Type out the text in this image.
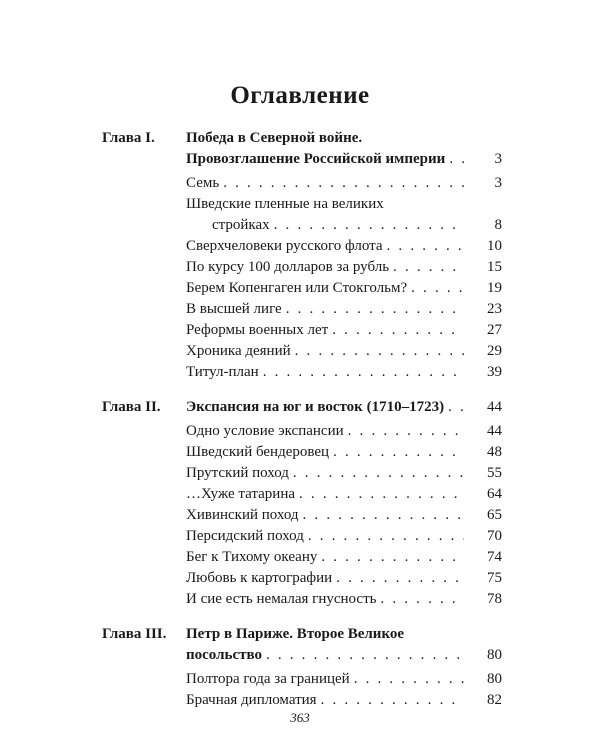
Оглавление
Глава I.	Победа в Северной войне.
Провозглашение Российской империи . . .	3
Семь . . .	3
Шведские пленные на великих
стройках . . .	8
Сверхчеловеки русского флота . . .	10
По курсу 100 долларов за рубль . . .	15
Берем Копенгаген или Стокгольм? . . .	19
В высшей лиге . . .	23
Реформы военных лет . . .	27
Хроника деяний . . .	29
Титул-план . . .	39
Глава II.	Экспансия на юг и восток (1710–1723) . . .	44
Одно условие экспансии . . .	44
Шведский бендеровец . . .	48
Прутский поход . . .	55
…Хуже татарина . . .	64
Хивинский поход . . .	65
Персидский поход . . .	70
Бег к Тихому океану . . .	74
Любовь к картографии . . .	75
И сие есть немалая гнусность . . .	78
Глава III.	Петр в Париже. Второе Великое
посольство . . .	80
Полтора года за границей . . .	80
Брачная дипломатия . . .	82
363
